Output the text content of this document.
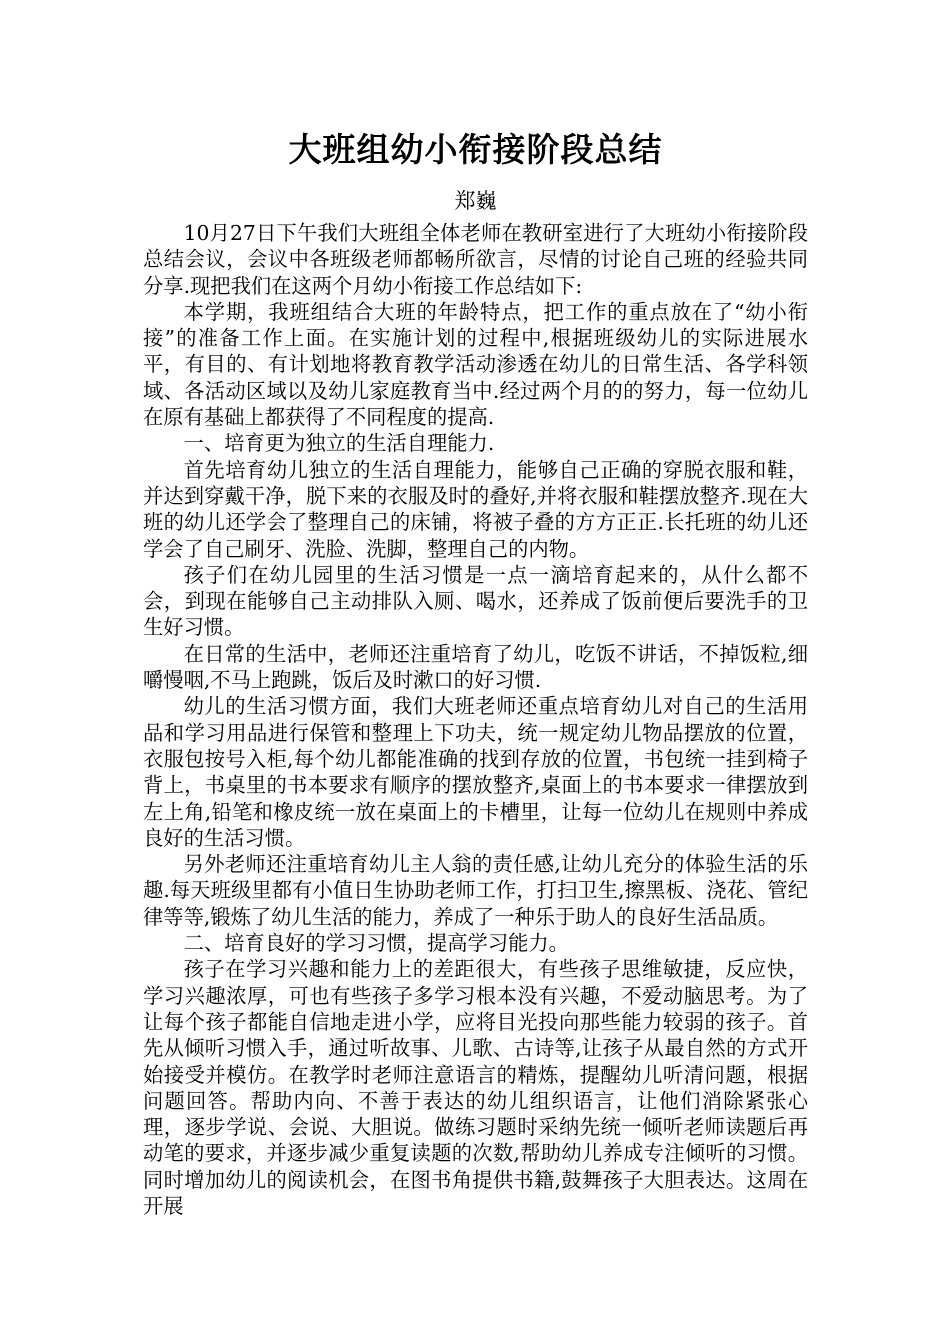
大班组幼小衔接阶段总结
郑巍

10月27日下午我们大班组全体老师在教研室进行了大班幼小衔接阶段总结会议，会议中各班级老师都畅所欲言，尽情的讨论自己班的经验共同分享.现把我们在这两个月幼小衔接工作总结如下:

本学期，我班组结合大班的年龄特点，把工作的重点放在了“幼小衔接”的准备工作上面。在实施计划的过程中,根据班级幼儿的实际进展水平，有目的、有计划地将教育教学活动渗透在幼儿的日常生活、各学科领域、各活动区域以及幼儿家庭教育当中.经过两个月的的努力，每一位幼儿在原有基础上都获得了不同程度的提高.

一、培育更为独立的生活自理能力.

首先培育幼儿独立的生活自理能力，能够自己正确的穿脱衣服和鞋，并达到穿戴干净，脱下来的衣服及时的叠好,并将衣服和鞋摆放整齐.现在大班的幼儿还学会了整理自己的床铺，将被子叠的方方正正.长托班的幼儿还学会了自己刷牙、洗脸、洗脚，整理自己的内物。

孩子们在幼儿园里的生活习惯是一点一滴培育起来的，从什么都不会，到现在能够自己主动排队入厕、喝水，还养成了饭前便后要洗手的卫生好习惯。

在日常的生活中，老师还注重培育了幼儿，吃饭不讲话，不掉饭粒,细嚼慢咽,不马上跑跳，饭后及时漱口的好习惯.

幼儿的生活习惯方面，我们大班老师还重点培育幼儿对自己的生活用品和学习用品进行保管和整理上下功夫，统一规定幼儿物品摆放的位置，衣服包按号入柜,每个幼儿都能准确的找到存放的位置，书包统一挂到椅子背上，书桌里的书本要求有顺序的摆放整齐,桌面上的书本要求一律摆放到左上角,铅笔和橡皮统一放在桌面上的卡槽里，让每一位幼儿在规则中养成良好的生活习惯。

另外老师还注重培育幼儿主人翁的责任感,让幼儿充分的体验生活的乐趣.每天班级里都有小值日生协助老师工作，打扫卫生,擦黑板、浇花、管纪律等等,锻炼了幼儿生活的能力，养成了一种乐于助人的良好生活品质。

二、培育良好的学习习惯，提高学习能力。

孩子在学习兴趣和能力上的差距很大，有些孩子思维敏捷，反应快，学习兴趣浓厚，可也有些孩子多学习根本没有兴趣，不爱动脑思考。为了让每个孩子都能自信地走进小学，应将目光投向那些能力较弱的孩子。首先从倾听习惯入手，通过听故事、儿歌、古诗等,让孩子从最自然的方式开始接受并模仿。在教学时老师注意语言的精炼，提醒幼儿听清问题，根据问题回答。帮助内向、不善于表达的幼儿组织语言，让他们消除紧张心理，逐步学说、会说、大胆说。做练习题时采纳先统一倾听老师读题后再动笔的要求，并逐步减少重复读题的次数,帮助幼儿养成专注倾听的习惯。同时增加幼儿的阅读机会，在图书角提供书籍,鼓舞孩子大胆表达。这周在开展
